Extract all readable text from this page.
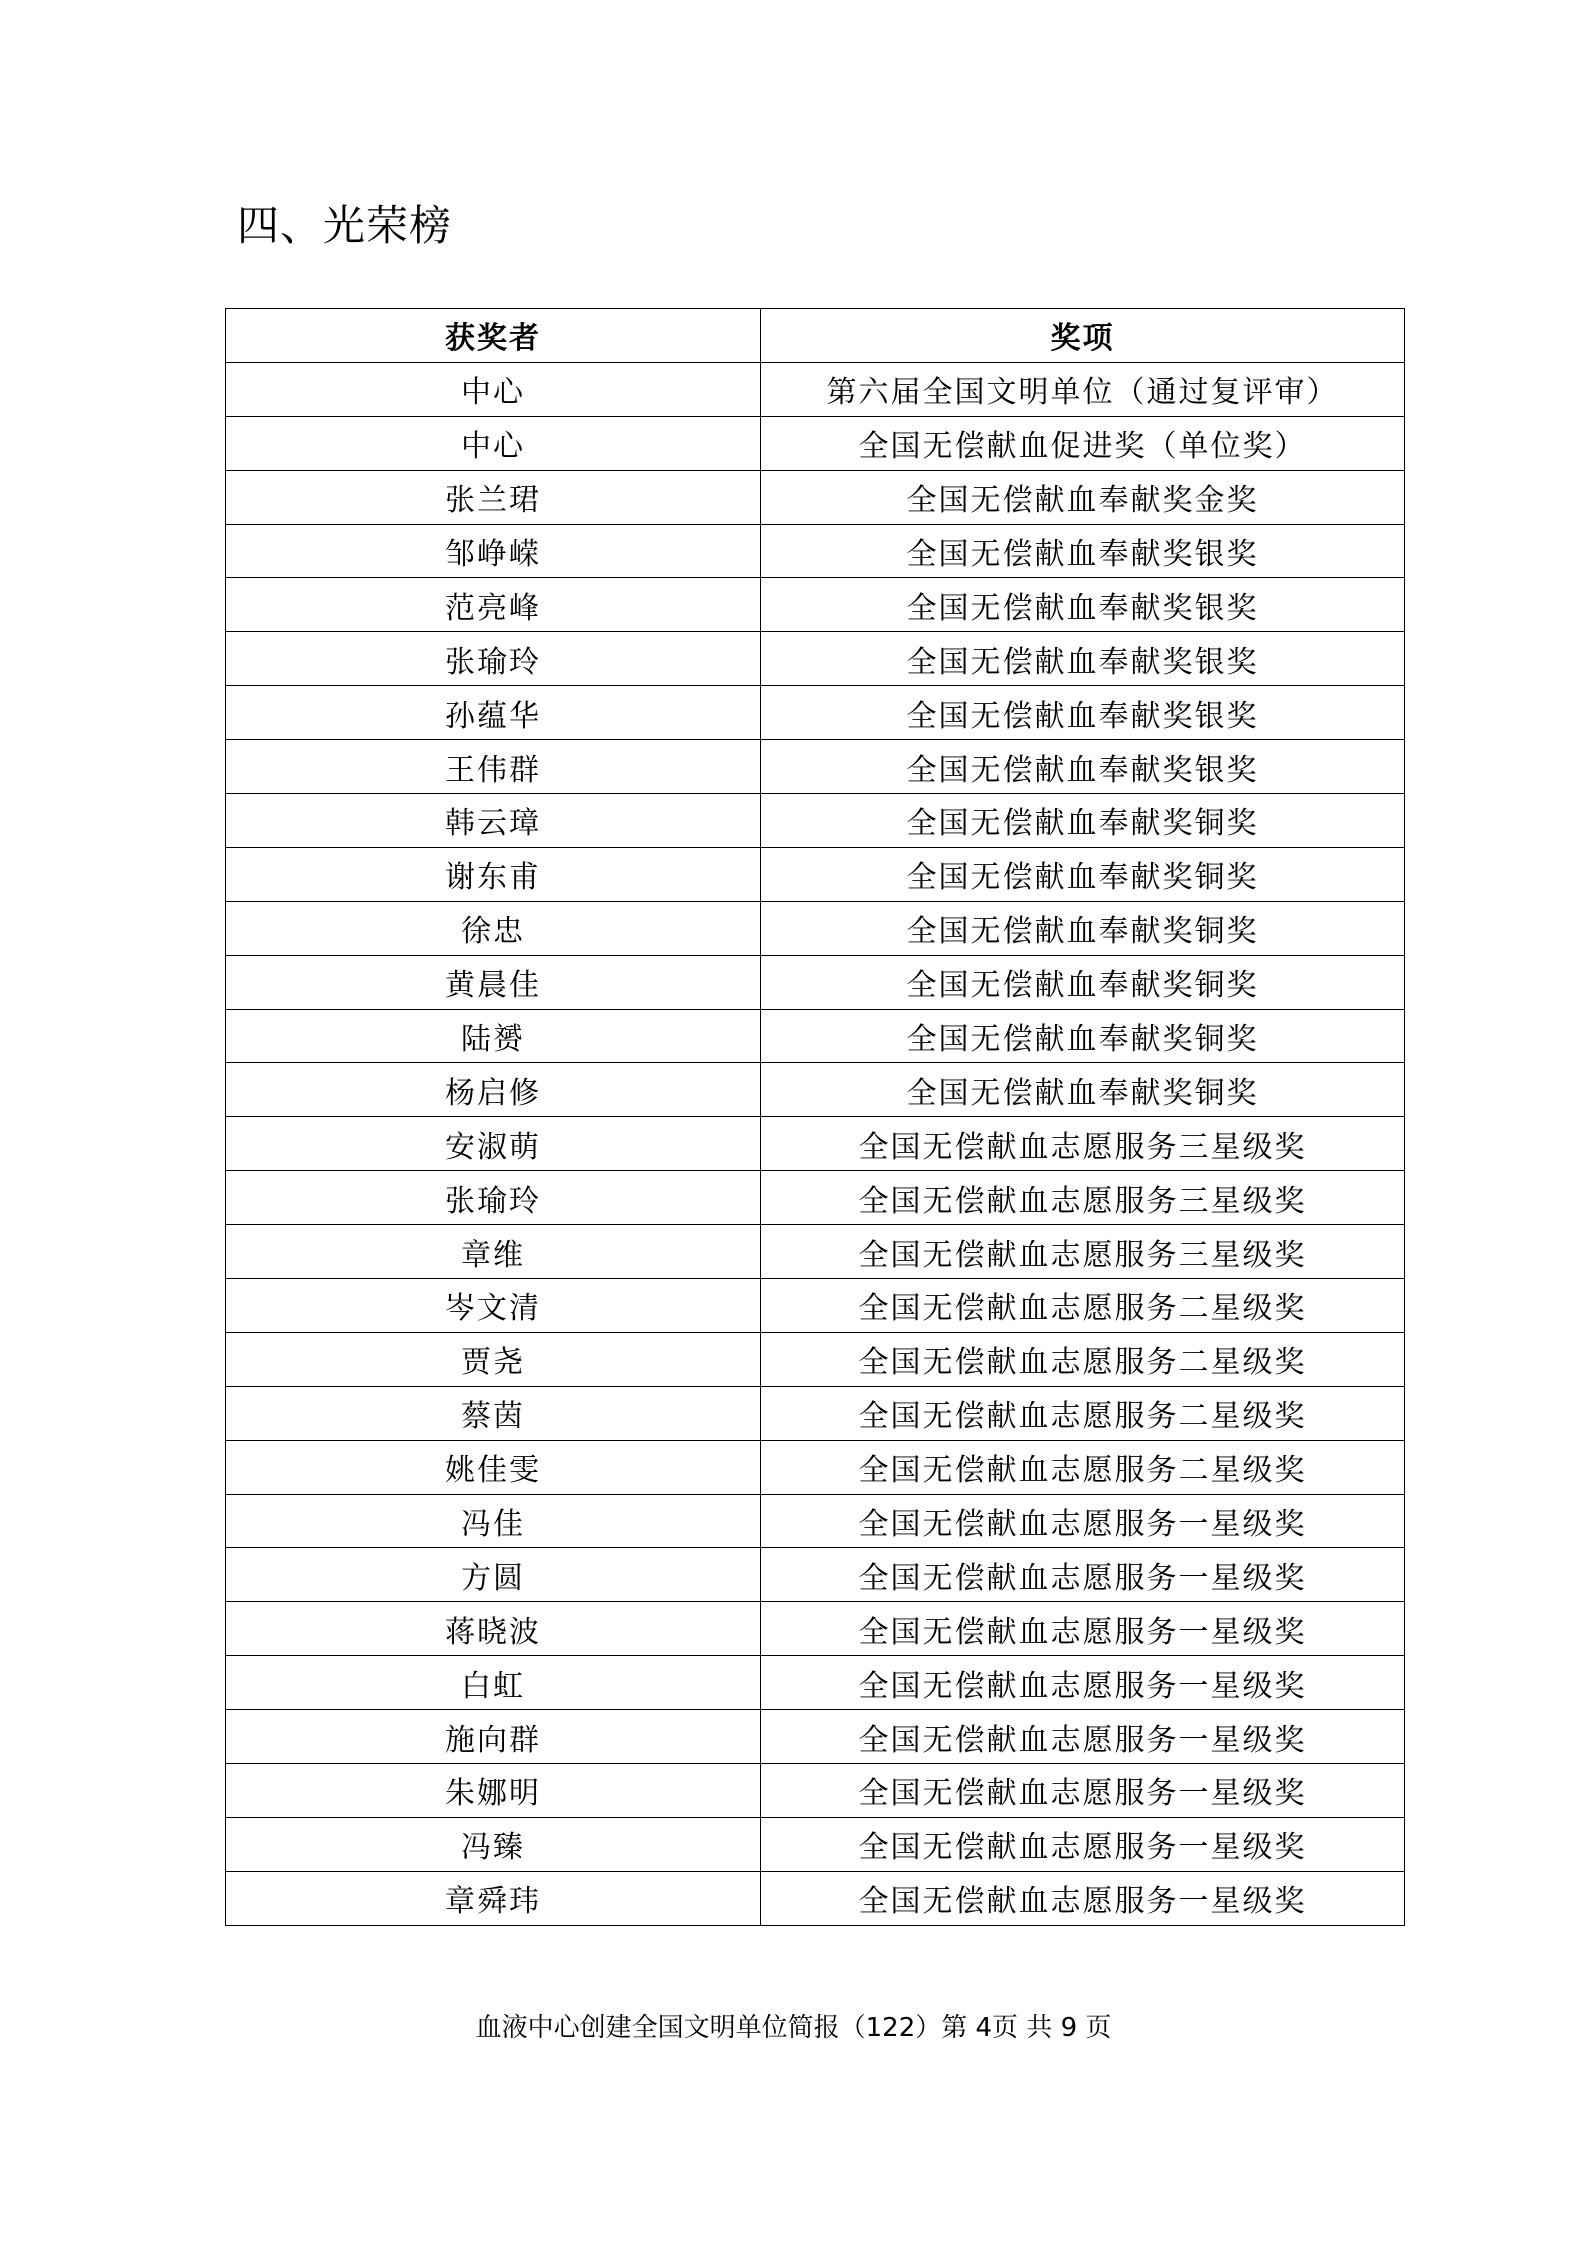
四、光荣榜
获奖者	奖项
中心	第六届全国文明单位（通过复评审）
中心	全国无偿献血促进奖（单位奖）
张兰珺	全国无偿献血奉献奖金奖
邹峥嵘	全国无偿献血奉献奖银奖
范亮峰	全国无偿献血奉献奖银奖
张瑜玲	全国无偿献血奉献奖银奖
孙蕴华	全国无偿献血奉献奖银奖
王伟群	全国无偿献血奉献奖银奖
韩云璋	全国无偿献血奉献奖铜奖
谢东甫	全国无偿献血奉献奖铜奖
徐忠	全国无偿献血奉献奖铜奖
黄晨佳	全国无偿献血奉献奖铜奖
陆赟	全国无偿献血奉献奖铜奖
杨启修	全国无偿献血奉献奖铜奖
安淑萌	全国无偿献血志愿服务三星级奖
张瑜玲	全国无偿献血志愿服务三星级奖
章维	全国无偿献血志愿服务三星级奖
岑文清	全国无偿献血志愿服务二星级奖
贾尧	全国无偿献血志愿服务二星级奖
蔡茵	全国无偿献血志愿服务二星级奖
姚佳雯	全国无偿献血志愿服务二星级奖
冯佳	全国无偿献血志愿服务一星级奖
方圆	全国无偿献血志愿服务一星级奖
蒋晓波	全国无偿献血志愿服务一星级奖
白虹	全国无偿献血志愿服务一星级奖
施向群	全国无偿献血志愿服务一星级奖
朱娜明	全国无偿献血志愿服务一星级奖
冯臻	全国无偿献血志愿服务一星级奖
章舜玮	全国无偿献血志愿服务一星级奖
血液中心创建全国文明单位简报（122）第 4页 共 9 页
